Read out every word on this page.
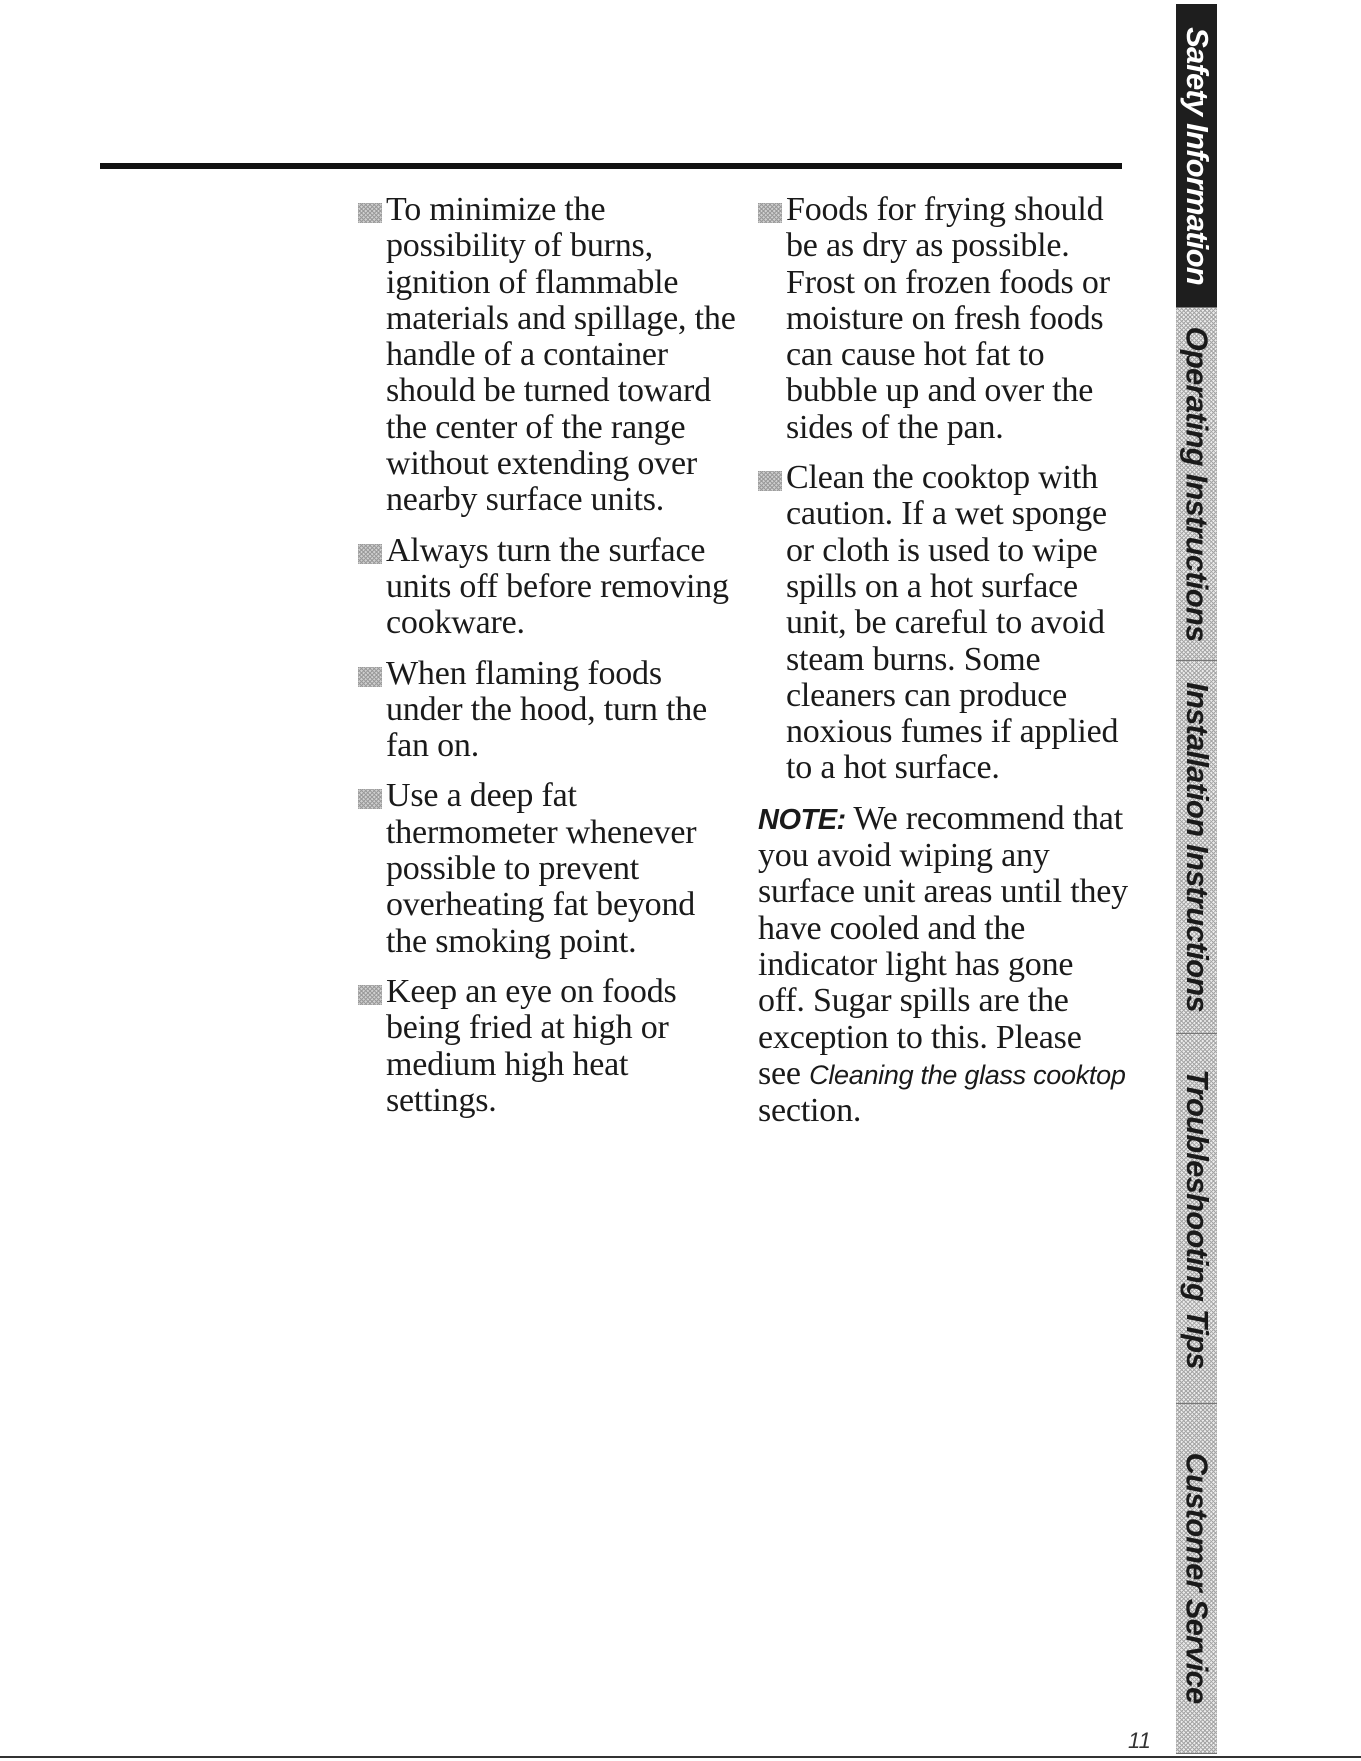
To minimize the possibility of burns, ignition of flammable materials and spillage, the handle of a container should be turned toward the center of the range without extending over nearby surface units.
Always turn the surface units off before removing cookware.
When flaming foods under the hood, turn the fan on.
Use a deep fat thermometer whenever possible to prevent overheating fat beyond the smoking point.
Keep an eye on foods being fried at high or medium high heat settings.
Foods for frying should be as dry as possible. Frost on frozen foods or moisture on fresh foods can cause hot fat to bubble up and over the sides of the pan.
Clean the cooktop with caution. If a wet sponge or cloth is used to wipe spills on a hot surface unit, be careful to avoid steam burns. Some cleaners can produce noxious fumes if applied to a hot surface.
NOTE: We recommend that you avoid wiping any surface unit areas until they have cooled and the indicator light has gone off. Sugar spills are the exception to this. Please see Cleaning the glass cooktop section.
Safety Information
Operating Instructions
Installation Instructions
Troubleshooting Tips
Customer Service
11
